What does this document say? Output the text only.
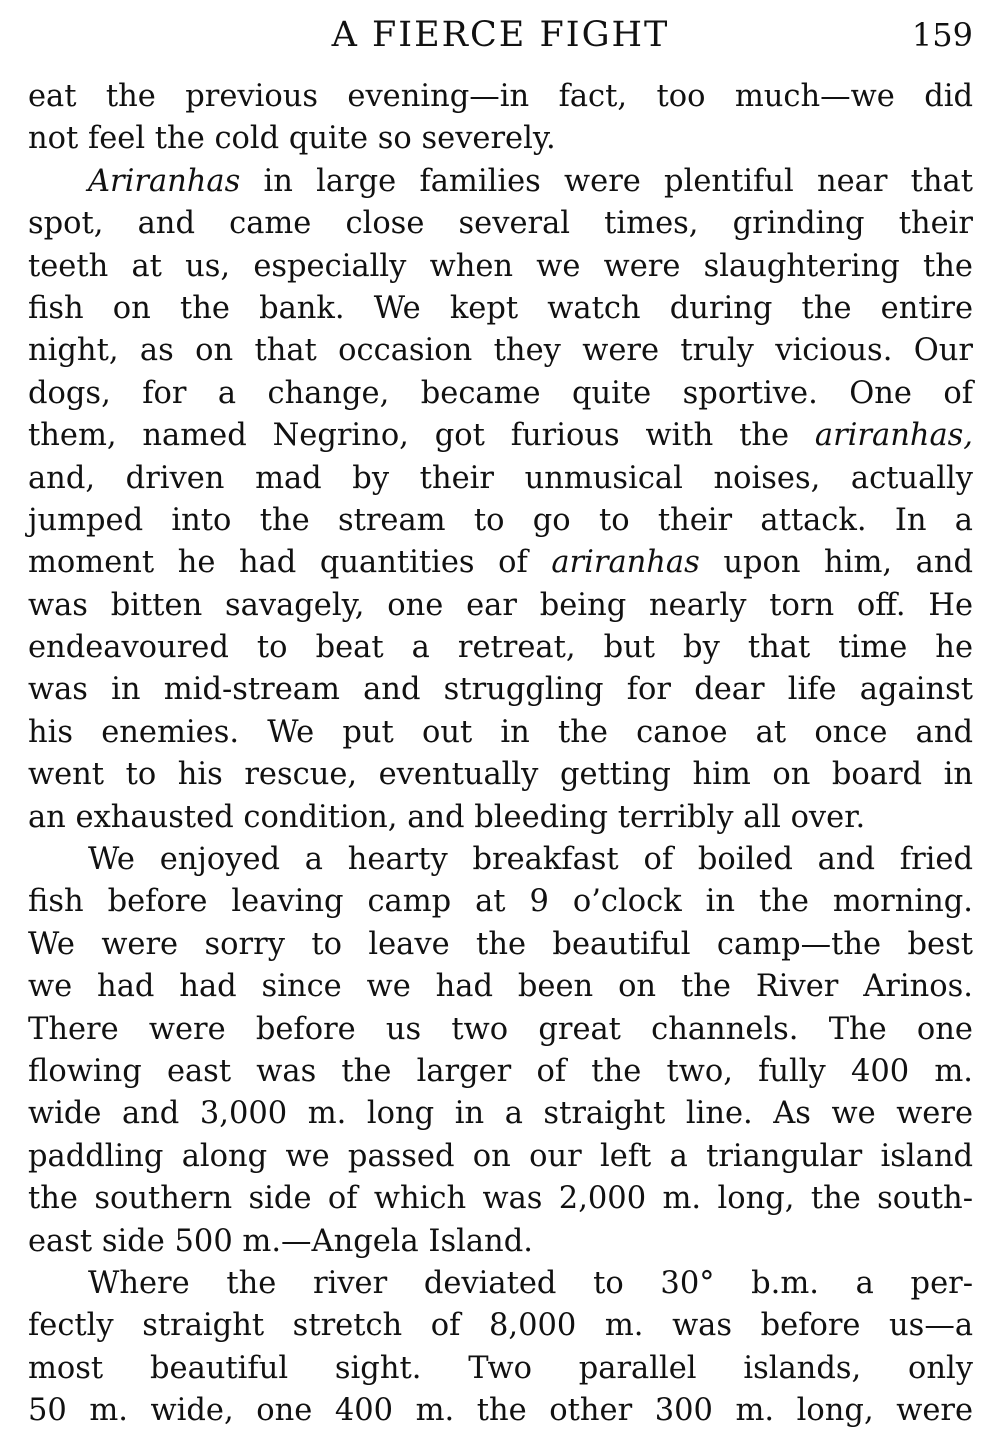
A FIERCE FIGHT	159
eat the previous evening—in fact, too much—we did
not feel the cold quite so severely.
Ariranhas in large families were plentiful near that
spot, and came close several times, grinding their
teeth at us, especially when we were slaughtering the
fish on the bank. We kept watch during the entire
night, as on that occasion they were truly vicious. Our
dogs, for a change, became quite sportive. One of
them, named Negrino, got furious with the ariranhas,
and, driven mad by their unmusical noises, actually
jumped into the stream to go to their attack. In a
moment he had quantities of ariranhas upon him, and
was bitten savagely, one ear being nearly torn off. He
endeavoured to beat a retreat, but by that time he
was in mid-stream and struggling for dear life against
his enemies. We put out in the canoe at once and
went to his rescue, eventually getting him on board in
an exhausted condition, and bleeding terribly all over.
We enjoyed a hearty breakfast of boiled and fried
fish before leaving camp at 9 o’clock in the morning.
We were sorry to leave the beautiful camp—the best
we had had since we had been on the River Arinos.
There were before us two great channels. The one
flowing east was the larger of the two, fully 400 m.
wide and 3,000 m. long in a straight line. As we were
paddling along we passed on our left a triangular island
the southern side of which was 2,000 m. long, the south-
east side 500 m.—Angela Island.
Where the river deviated to 30° b.m. a per-
fectly straight stretch of 8,000 m. was before us—a
most beautiful sight. Two parallel islands, only
50 m. wide, one 400 m. the other 300 m. long, were
